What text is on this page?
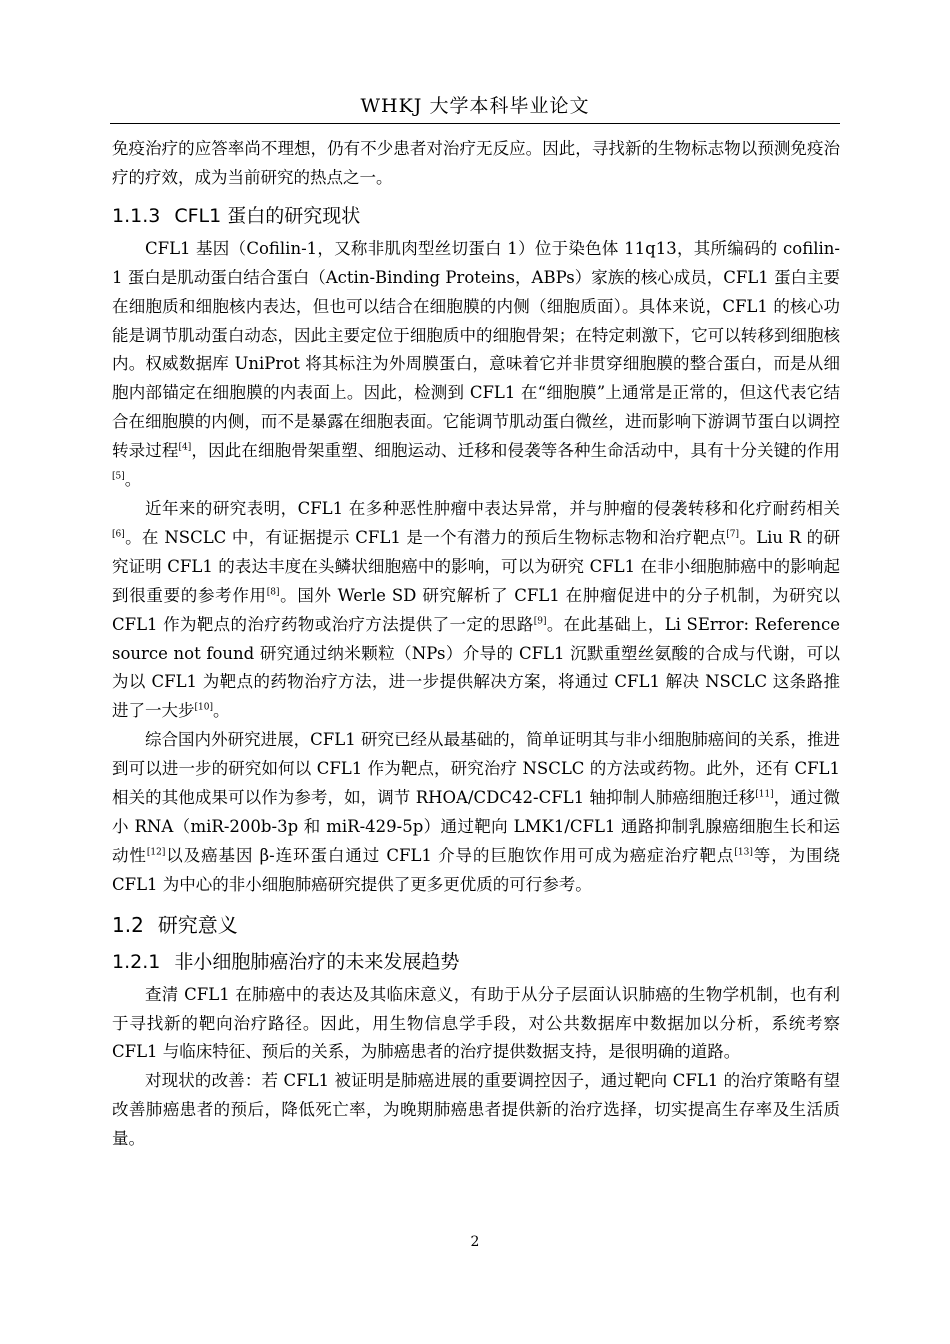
WHKJ 大学本科毕业论文

免疫治疗的应答率尚不理想，仍有不少患者对治疗无反应。因此，寻找新的生物标志物以预测免疫治疗的疗效，成为当前研究的热点之一。

1.1.3 CFL1 蛋白的研究现状

CFL1 基因（Cofilin-1，又称非肌肉型丝切蛋白 1）位于染色体 11q13，其所编码的 cofilin-1 蛋白是肌动蛋白结合蛋白（Actin-Binding Proteins，ABPs）家族的核心成员，CFL1 蛋白主要在细胞质和细胞核内表达，但也可以结合在细胞膜的内侧（细胞质面）。具体来说，CFL1 的核心功能是调节肌动蛋白动态，因此主要定位于细胞质中的细胞骨架；在特定刺激下，它可以转移到细胞核内。权威数据库 UniProt 将其标注为外周膜蛋白，意味着它并非贯穿细胞膜的整合蛋白，而是从细胞内部锚定在细胞膜的内表面上。因此，检测到 CFL1 在“细胞膜”上通常是正常的，但这代表它结合在细胞膜的内侧，而不是暴露在细胞表面。它能调节肌动蛋白微丝，进而影响下游调节蛋白以调控转录过程[4]，因此在细胞骨架重塑、细胞运动、迁移和侵袭等各种生命活动中，具有十分关键的作用[5]。

近年来的研究表明，CFL1 在多种恶性肿瘤中表达异常，并与肿瘤的侵袭转移和化疗耐药相关[6]。在 NSCLC 中，有证据提示 CFL1 是一个有潜力的预后生物标志物和治疗靶点[7]。Liu R 的研究证明 CFL1 的表达丰度在头鳞状细胞癌中的影响，可以为研究 CFL1 在非小细胞肺癌中的影响起到很重要的参考作用[8]。国外 Werle SD 研究解析了 CFL1 在肿瘤促进中的分子机制，为研究以 CFL1 作为靶点的治疗药物或治疗方法提供了一定的思路[9]。在此基础上，Li SError: Reference source not found 研究通过纳米颗粒（NPs）介导的 CFL1 沉默重塑丝氨酸的合成与代谢，可以为以 CFL1 为靶点的药物治疗方法，进一步提供解决方案，将通过 CFL1 解决 NSCLC 这条路推进了一大步[10]。

综合国内外研究进展，CFL1 研究已经从最基础的，简单证明其与非小细胞肺癌间的关系，推进到可以进一步的研究如何以 CFL1 作为靶点，研究治疗 NSCLC 的方法或药物。此外，还有 CFL1 相关的其他成果可以作为参考，如，调节 RHOA/CDC42-CFL1 轴抑制人肺癌细胞迁移[11]，通过微小 RNA（miR-200b-3p 和 miR-429-5p）通过靶向 LMK1/CFL1 通路抑制乳腺癌细胞生长和运动性[12]以及癌基因 β-连环蛋白通过 CFL1 介导的巨胞饮作用可成为癌症治疗靶点[13]等，为围绕 CFL1 为中心的非小细胞肺癌研究提供了更多更优质的可行参考。

1.2 研究意义
1.2.1 非小细胞肺癌治疗的未来发展趋势

查清 CFL1 在肺癌中的表达及其临床意义，有助于从分子层面认识肺癌的生物学机制，也有利于寻找新的靶向治疗路径。因此，用生物信息学手段，对公共数据库中数据加以分析，系统考察 CFL1 与临床特征、预后的关系，为肺癌患者的治疗提供数据支持，是很明确的道路。

对现状的改善：若 CFL1 被证明是肺癌进展的重要调控因子，通过靶向 CFL1 的治疗策略有望改善肺癌患者的预后，降低死亡率，为晚期肺癌患者提供新的治疗选择，切实提高生存率及生活质量。

2
